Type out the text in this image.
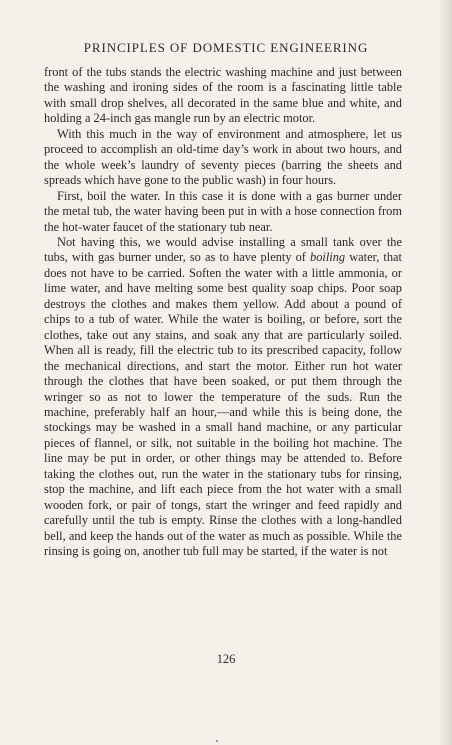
PRINCIPLES OF DOMESTIC ENGINEERING

front of the tubs stands the electric washing machine and just between the washing and ironing sides of the room is a fascinating little table with small drop shelves, all decorated in the same blue and white, and holding a 24-inch gas mangle run by an electric motor.

With this much in the way of environment and atmosphere, let us proceed to accomplish an old-time day’s work in about two hours, and the whole week’s laundry of seventy pieces (barring the sheets and spreads which have gone to the public wash) in four hours.

First, boil the water. In this case it is done with a gas burner under the metal tub, the water having been put in with a hose connection from the hot-water faucet of the stationary tub near.

Not having this, we would advise installing a small tank over the tubs, with gas burner under, so as to have plenty of boiling water, that does not have to be carried. Soften the water with a little ammonia, or lime water, and have melting some best quality soap chips. Poor soap destroys the clothes and makes them yellow. Add about a pound of chips to a tub of water. While the water is boiling, or before, sort the clothes, take out any stains, and soak any that are particularly soiled. When all is ready, fill the electric tub to its prescribed capacity, follow the mechanical directions, and start the motor. Either run hot water through the clothes that have been soaked, or put them through the wringer so as not to lower the temperature of the suds. Run the machine, preferably half an hour,—and while this is being done, the stockings may be washed in a small hand machine, or any particular pieces of flannel, or silk, not suitable in the boiling hot machine. The line may be put in order, or other things may be attended to. Before taking the clothes out, run the water in the stationary tubs for rinsing, stop the machine, and lift each piece from the hot water with a small wooden fork, or pair of tongs, start the wringer and feed rapidly and carefully until the tub is empty. Rinse the clothes with a long-handled bell, and keep the hands out of the water as much as possible. While the rinsing is going on, another tub full may be started, if the water is not

126
